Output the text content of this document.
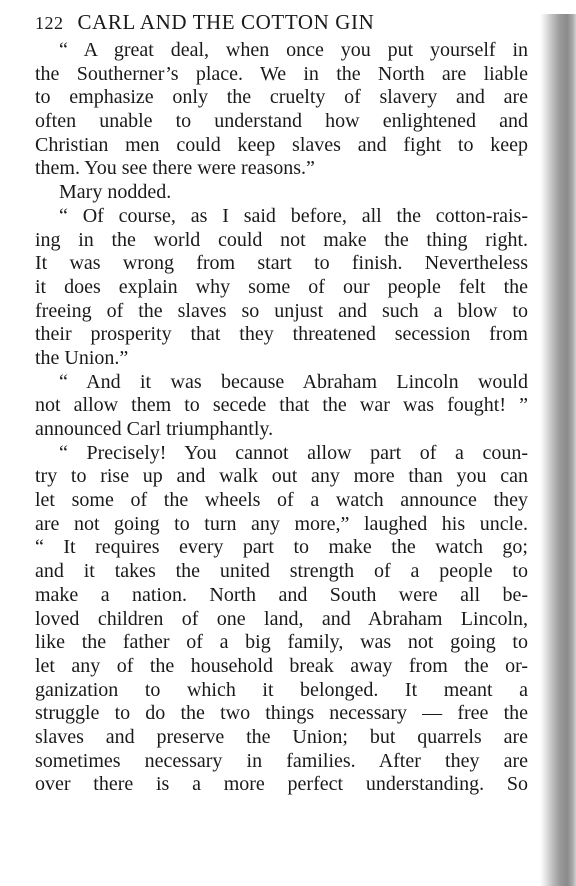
122 CARL AND THE COTTON GIN
“ A great deal, when once you put yourself in
the Southerner’s place. We in the North are liable
to emphasize only the cruelty of slavery and are
often unable to understand how enlightened and
Christian men could keep slaves and fight to keep
them. You see there were reasons.”
Mary nodded.
“ Of course, as I said before, all the cotton-rais-
ing in the world could not make the thing right.
It was wrong from start to finish. Nevertheless
it does explain why some of our people felt the
freeing of the slaves so unjust and such a blow to
their prosperity that they threatened secession from
the Union.”
“ And it was because Abraham Lincoln would
not allow them to secede that the war was fought! ”
announced Carl triumphantly.
“ Precisely! You cannot allow part of a coun-
try to rise up and walk out any more than you can
let some of the wheels of a watch announce they
are not going to turn any more,” laughed his uncle.
“ It requires every part to make the watch go;
and it takes the united strength of a people to
make a nation. North and South were all be-
loved children of one land, and Abraham Lincoln,
like the father of a big family, was not going to
let any of the household break away from the or-
ganization to which it belonged. It meant a
struggle to do the two things necessary — free the
slaves and preserve the Union; but quarrels are
sometimes necessary in families. After they are
over there is a more perfect understanding. So
